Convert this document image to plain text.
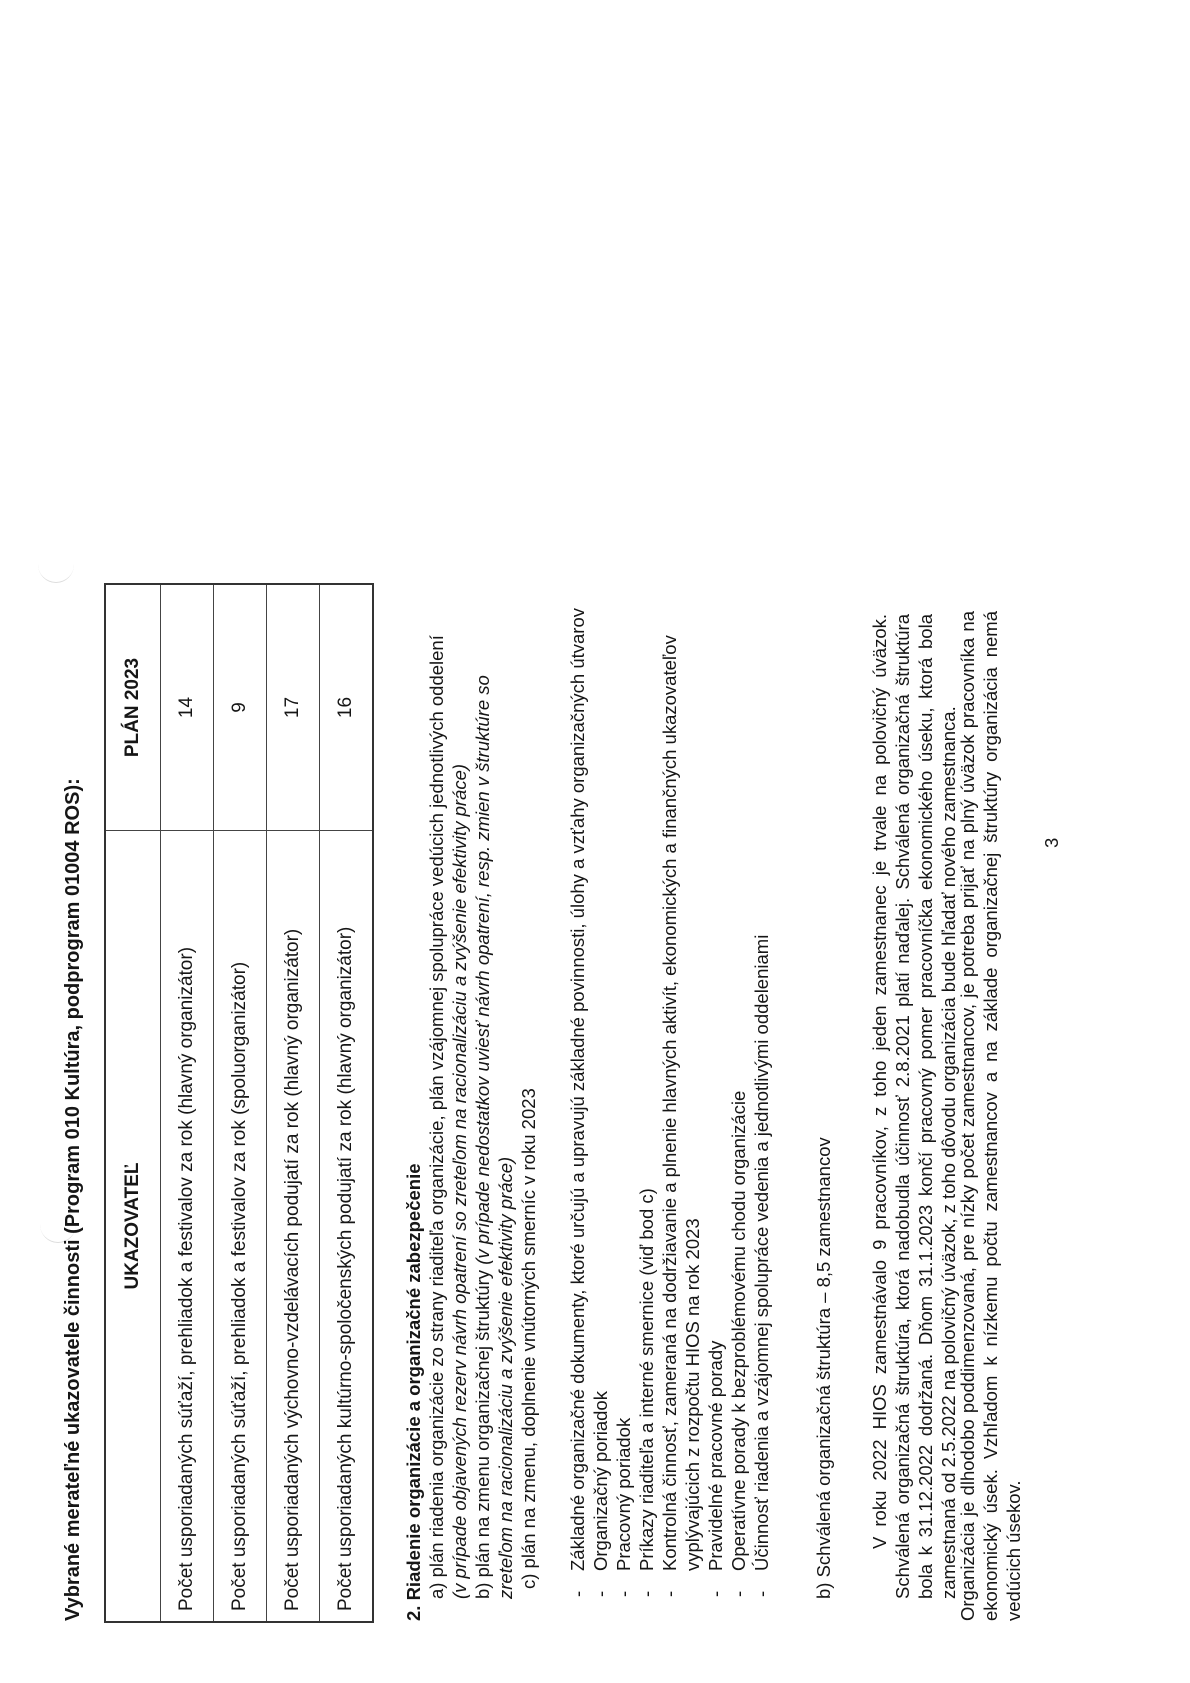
Vybrané merateľné ukazovatele činnosti (Program 010 Kultúra, podprogram 01004 ROS): UKAZOVATEĽ	PLÁN 2023
Počet usporiadaných súťaží, prehliadok a festivalov za rok (hlavný organizátor)	14
Počet usporiadaných súťaží, prehliadok a festivalov za rok (spoluorganizátor)	9
Počet usporiadaných výchovno-vzdelávacích podujatí za rok (hlavný organizátor)	17
Počet usporiadaných kultúrno-spoločenských podujatí za rok (hlavný organizátor)	16

2. Riadenie organizácie a organizačné zabezpečenie a) plán riadenia organizácie zo strany riaditeľa organizácie, plán vzájomnej spolupráce vedúcich jednotlivých oddelení (v prípade objavených rezerv návrh opatrení so zreteľom na racionalizáciu a zvýšenie efektivity práce) b) plán na zmenu organizačnej štruktúry (v prípade nedostatkov uviesť návrh opatrení, resp. zmien v štruktúre so zreteľom na racionalizáciu a zvýšenie efektivity práce) c) plán na zmenu, doplnenie vnútorných smerníc v roku 2023

-
Základné organizačné dokumenty, ktoré určujú a upravujú základné povinnosti, úlohy a vzťahy organizačných útvarov
-
Organizačný poriadok
-
Pracovný poriadok
-
Príkazy riaditeľa a interné smernice (viď bod c)
-
Kontrolná činnosť, zameraná na dodržiavanie a plnenie hlavných aktivít, ekonomických a finančných ukazovateľov vyplývajúcich z rozpočtu HIOS na rok 2023
-
Pravidelné pracovné porady
-
Operatívne porady k bezproblémovému chodu organizácie
-
Účinnosť riadenia a vzájomnej spolupráce vedenia a jednotlivými oddeleniami b) Schválená organizačná štruktúra – 8,5 zamestnancov V roku 2022 HIOS zamestnávalo 9 pracovníkov, z toho jeden zamestnanec je trvale na polovičný úväzok. Schválená organizačná štruktúra, ktorá nadobudla účinnosť 2.8.2021 platí naďalej. Schválená organizačná štruktúra bola k 31.12.2022 dodržaná. Dňom 31.1.2023 končí pracovný pomer pracovníčka ekonomického úseku, ktorá bola zamestnaná od 2.5.2022 na polovičný úväzok, z toho dôvodu organizácia bude hľadať nového zamestnanca.

Organizácia je dlhodobo poddimenzovaná, pre nízky počet zamestnancov, je potreba prijať na plný úväzok pracovníka na ekonomický úsek. Vzhľadom k nízkemu počtu zamestnancov a na základe organizačnej štruktúry organizácia nemá vedúcich úsekov.

3
